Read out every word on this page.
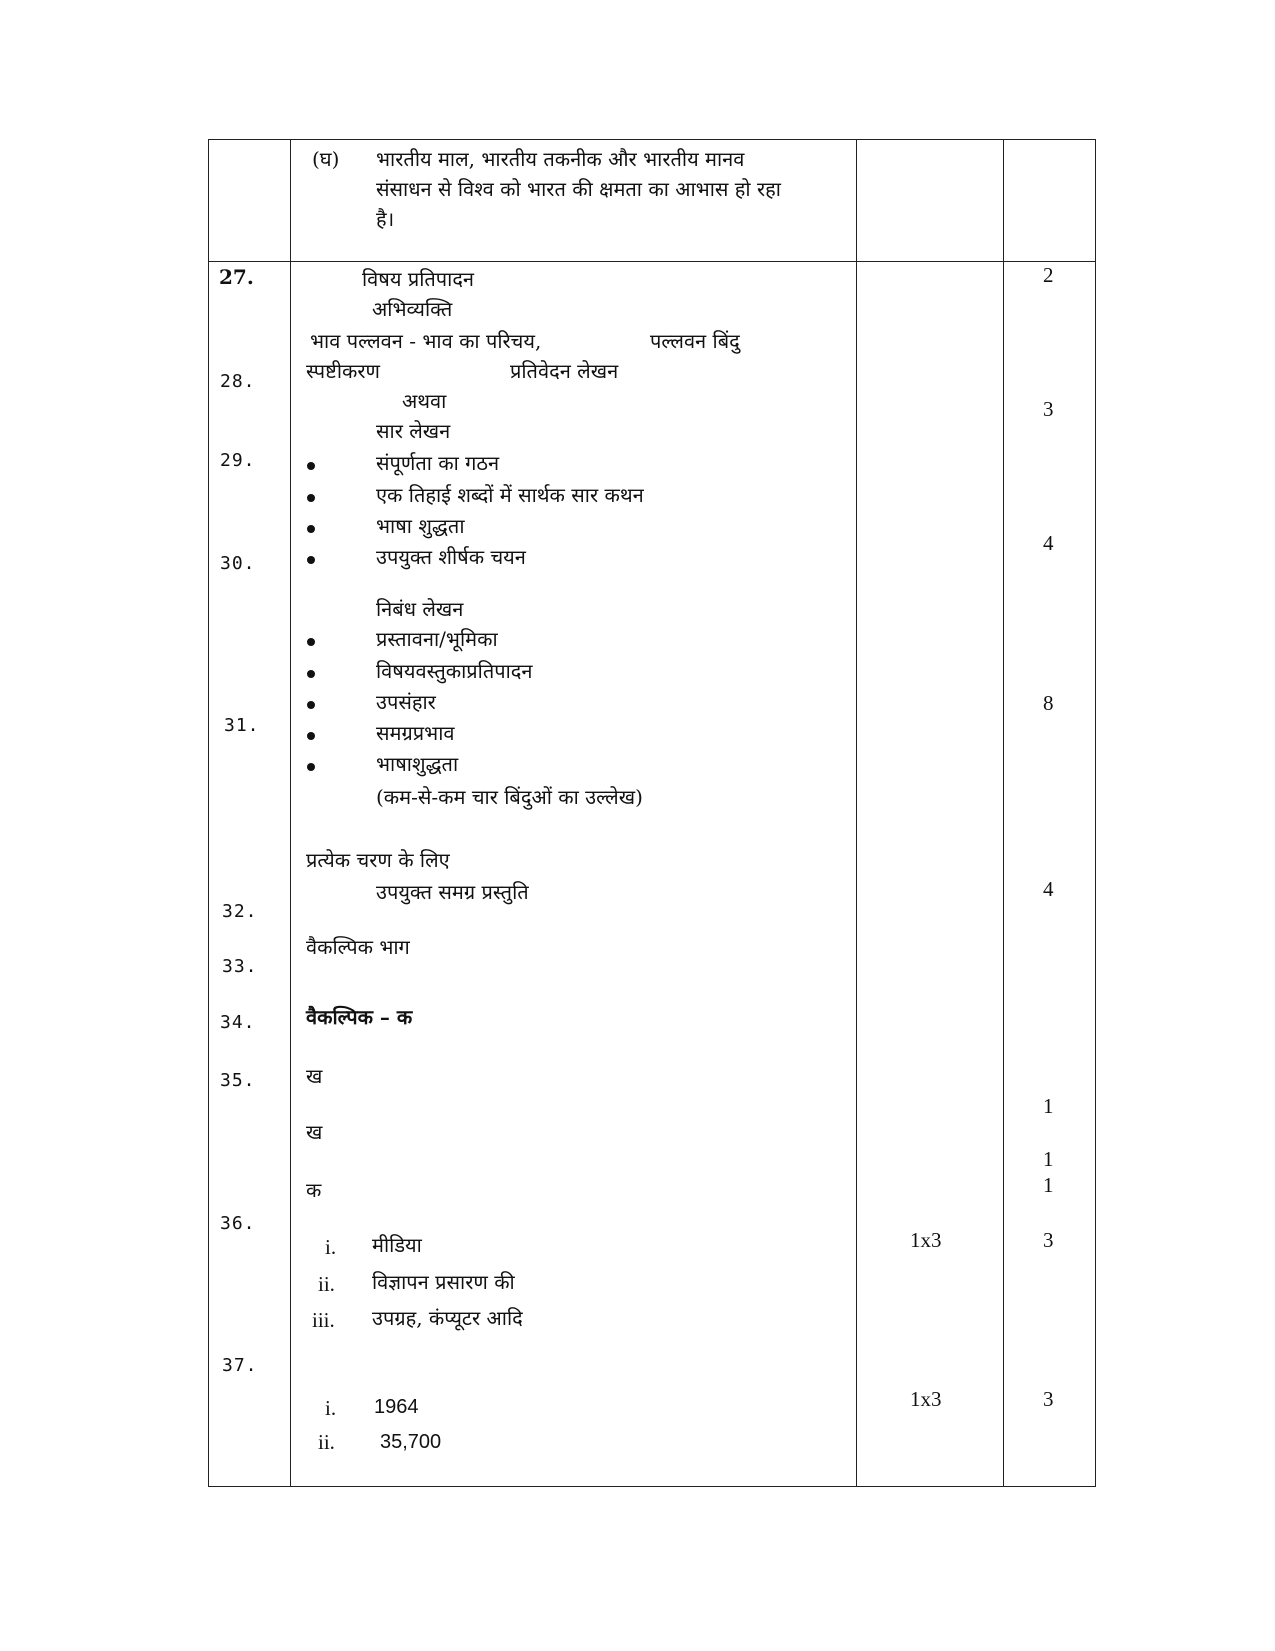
(घ) भारतीय माल, भारतीय तकनीक और भारतीय मानव
संसाधन से विश्व को भारत की क्षमता का आभास हो रहा
है।
27.
28.
29.
30.
31.
32.
33.
34.
35.
36.
37.
विषय प्रतिपादन
अभिव्यक्ति
भाव पल्लवन - भाव का परिचय,	पल्लवन बिंदु
स्पष्टीकरण	प्रतिवेदन लेखन
अथवा
सार लेखन
संपूर्णता का गठन
एक तिहाई शब्दों में सार्थक सार कथन
भाषा शुद्धता
उपयुक्त शीर्षक चयन
निबंध लेखन
प्रस्तावना/भूमिका
विषयवस्तुकाप्रतिपादन
उपसंहार
समग्रप्रभाव
भाषाशुद्धता
(कम-से-कम चार बिंदुओं का उल्लेख)
प्रत्येक चरण के लिए
उपयुक्त समग्र प्रस्तुति
वैकल्पिक भाग
वैकल्पिक – क
ख
ख
क
i. मीडिया
ii. विज्ञापन प्रसारण की
iii. उपग्रह, कंप्यूटर आदि
i. 1964
ii. 35,700
1x3
1x3
2
3
4
8
4
1
1
1
3
3
